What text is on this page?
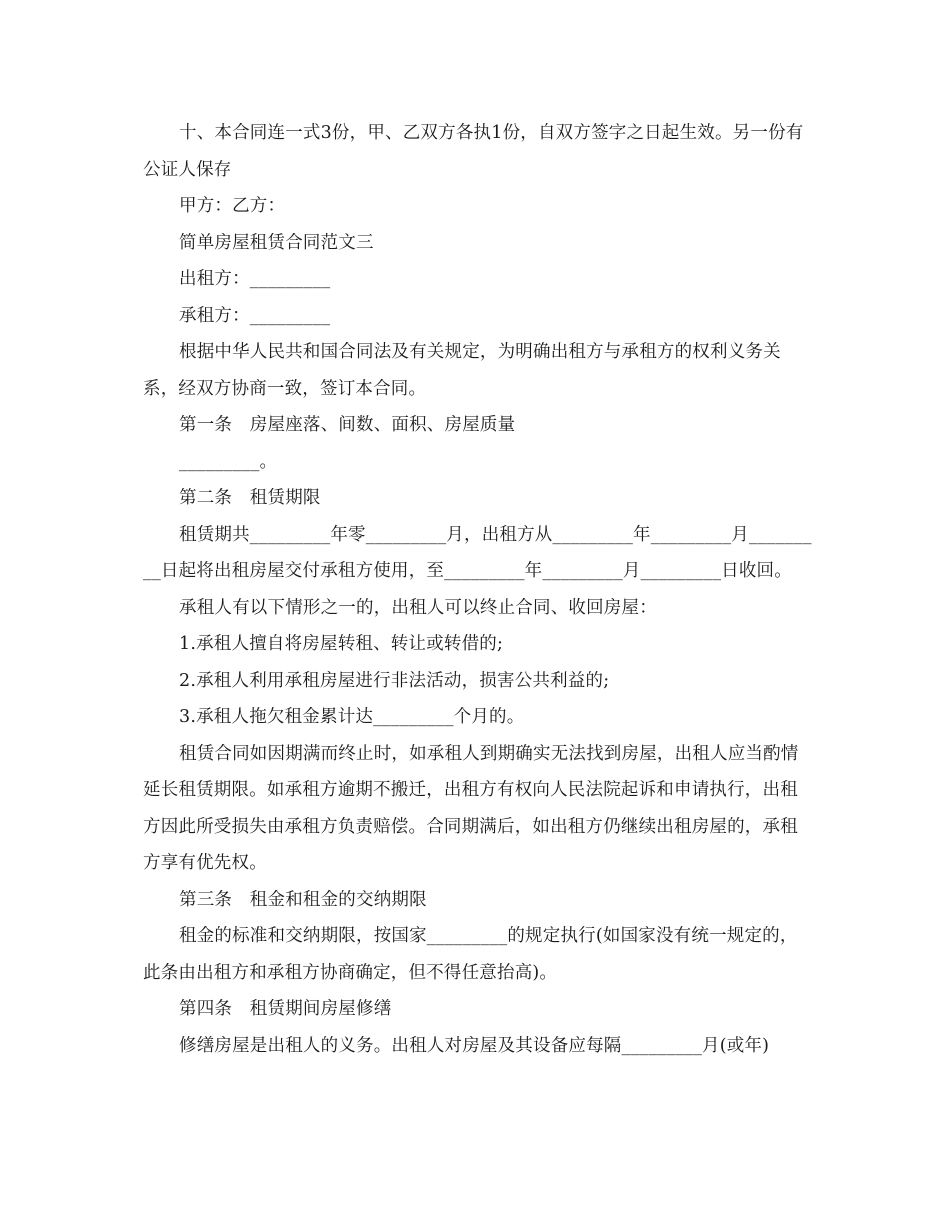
十、本合同连一式3份，甲、乙双方各执1份，自双方签字之日起生效。另一份有公证人保存

甲方：乙方：

简单房屋租赁合同范文三

出租方：_________

承租方：_________

根据中华人民共和国合同法及有关规定，为明确出租方与承租方的权利义务关系，经双方协商一致，签订本合同。

第一条　房屋座落、间数、面积、房屋质量

_________。

第二条　租赁期限

租赁期共_________年零_________月，出租方从_________年_________月_________日起将出租房屋交付承租方使用，至_________年_________月_________日收回。

承租人有以下情形之一的，出租人可以终止合同、收回房屋：

1.承租人擅自将房屋转租、转让或转借的;

2.承租人利用承租房屋进行非法活动，损害公共利益的;

3.承租人拖欠租金累计达_________个月的。

租赁合同如因期满而终止时，如承租人到期确实无法找到房屋，出租人应当酌情延长租赁期限。如承租方逾期不搬迁，出租方有权向人民法院起诉和申请执行，出租方因此所受损失由承租方负责赔偿。合同期满后，如出租方仍继续出租房屋的，承租方享有优先权。

第三条　租金和租金的交纳期限

租金的标准和交纳期限，按国家_________的规定执行(如国家没有统一规定的，此条由出租方和承租方协商确定，但不得任意抬高)。

第四条　租赁期间房屋修缮

修缮房屋是出租人的义务。出租人对房屋及其设备应每隔_________月(或年)
